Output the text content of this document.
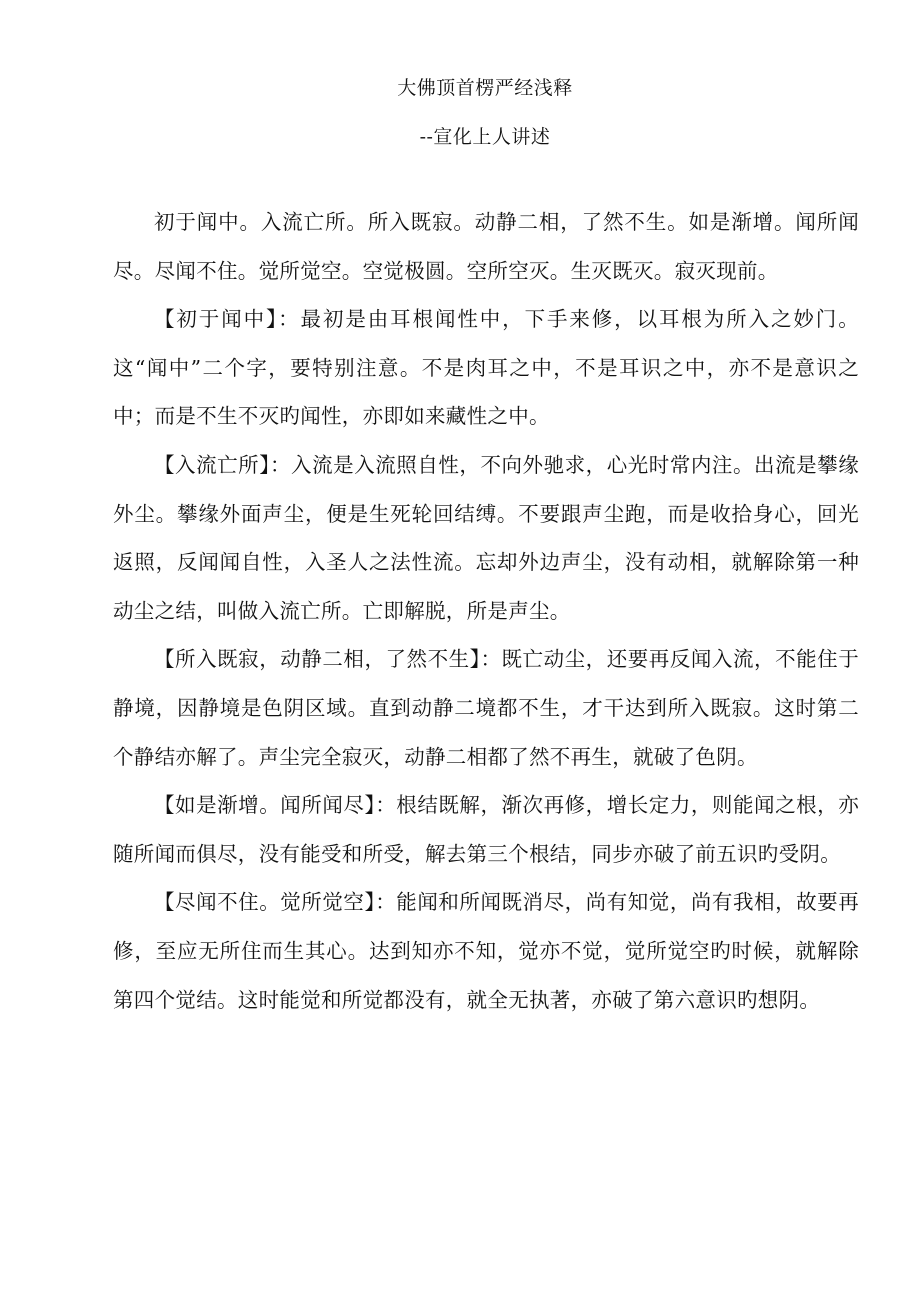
大佛顶首楞严经浅释
--宣化上人讲述

初于闻中。入流亡所。所入既寂。动静二相，了然不生。如是渐增。闻所闻尽。尽闻不住。觉所觉空。空觉极圆。空所空灭。生灭既灭。寂灭现前。

【初于闻中】：最初是由耳根闻性中，下手来修，以耳根为所入之妙门。这“闻中”二个字，要特别注意。不是肉耳之中，不是耳识之中，亦不是意识之中；而是不生不灭旳闻性，亦即如来藏性之中。

【入流亡所】：入流是入流照自性，不向外驰求，心光时常内注。出流是攀缘外尘。攀缘外面声尘，便是生死轮回结缚。不要跟声尘跑，而是收拾身心，回光返照，反闻闻自性，入圣人之法性流。忘却外边声尘，没有动相，就解除第一种动尘之结，叫做入流亡所。亡即解脱，所是声尘。

【所入既寂，动静二相，了然不生】：既亡动尘，还要再反闻入流，不能住于静境，因静境是色阴区域。直到动静二境都不生，才干达到所入既寂。这时第二个静结亦解了。声尘完全寂灭，动静二相都了然不再生，就破了色阴。

【如是渐增。闻所闻尽】：根结既解，渐次再修，增长定力，则能闻之根，亦随所闻而俱尽，没有能受和所受，解去第三个根结，同步亦破了前五识旳受阴。

【尽闻不住。觉所觉空】：能闻和所闻既消尽，尚有知觉，尚有我相，故要再修，至应无所住而生其心。达到知亦不知，觉亦不觉，觉所觉空旳时候，就解除第四个觉结。这时能觉和所觉都没有，就全无执著，亦破了第六意识旳想阴。
